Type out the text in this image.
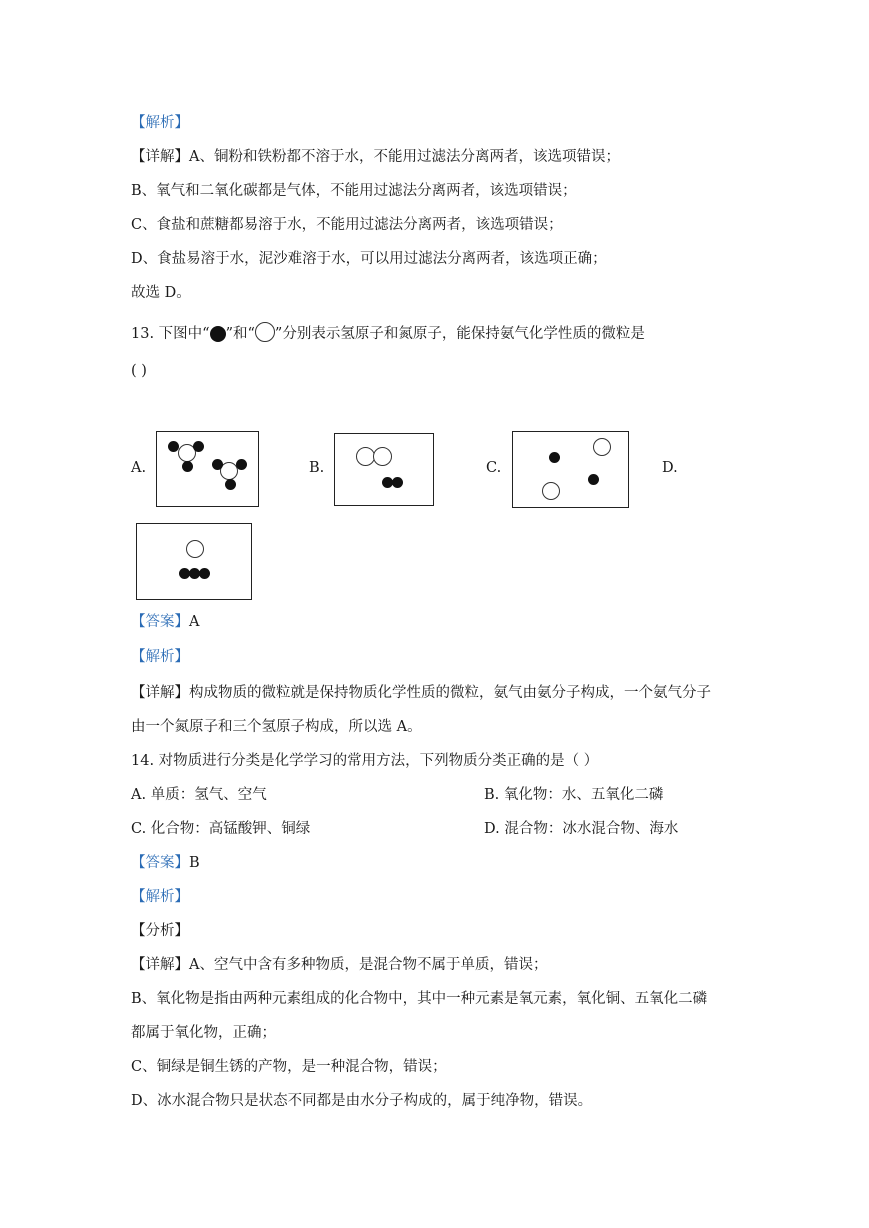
【解析】
【详解】A、铜粉和铁粉都不溶于水，不能用过滤法分离两者，该选项错误；
B、氧气和二氧化碳都是气体，不能用过滤法分离两者，该选项错误；
C、食盐和蔗糖都易溶于水，不能用过滤法分离两者，该选项错误；
D、食盐易溶于水，泥沙难溶于水，可以用过滤法分离两者，该选项正确；
故选 D。
13. 下图中“ ”和“ ”分别表示氢原子和氮原子，能保持氨气化学性质的微粒是
( )
A.	B.	C.	D.
【答案】A
【解析】
【详解】构成物质的微粒就是保持物质化学性质的微粒，氨气由氨分子构成，一个氨气分子
由一个氮原子和三个氢原子构成，所以选 A。
14. 对物质进行分类是化学学习的常用方法，下列物质分类正确的是（ ）
A. 单质：氢气、空气	B. 氧化物：水、五氧化二磷
C. 化合物：高锰酸钾、铜绿	D. 混合物：冰水混合物、海水
【答案】B
【解析】
【分析】
【详解】A、空气中含有多种物质，是混合物不属于单质，错误；
B、氧化物是指由两种元素组成的化合物中，其中一种元素是氧元素，氧化铜、五氧化二磷
都属于氧化物，正确；
C、铜绿是铜生锈的产物，是一种混合物，错误；
D、冰水混合物只是状态不同都是由水分子构成的，属于纯净物，错误。
